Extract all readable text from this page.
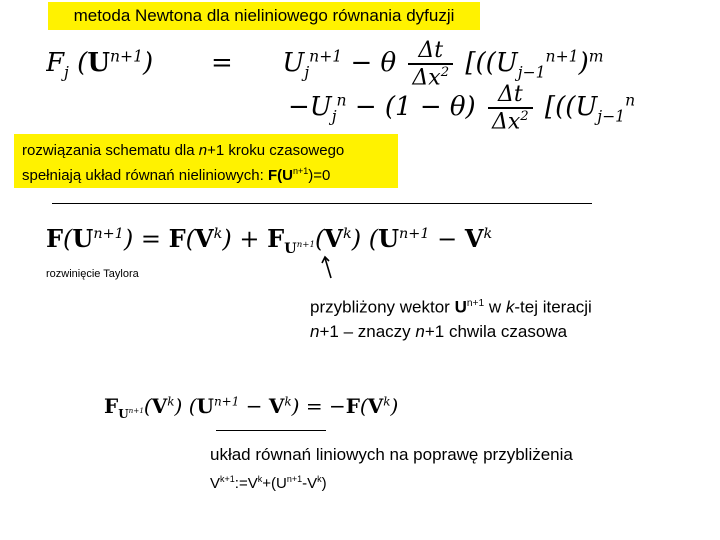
metoda Newtona dla nieliniowego równania dyfuzji
$F_j$ $(U^{n+1})$       =      $U_j^{n+1} - \theta \frac{\Delta t}{\Delta x^2} [((U_{j-1}^{n+1})^m$
$-U_j^n - (1 - \theta) \frac{\Delta t}{\Delta x^2} [((U_{j-1}^n$
rozwiązania schematu dla n+1 kroku czasowego
spełniają układ równań nieliniowych: $F(U^{n+1})=0$
$F(U^{n+1}) = F(V^k) + F_{U^{n+1}}(V^k) (U^{n+1} - V^k$
rozwinięcie Taylora
przybliżony wektor $U^{n+1}$ w k-tej iteracji
n+1 – znaczy n+1 chwila czasowa
$F_{U^{n+1}}(V^k) (U^{n+1} - V^k) = -F(V^k)$
układ równań liniowych na poprawę przybliżenia
$V^{k+1}:=V^k+(U^{n+1}-V^k)$
